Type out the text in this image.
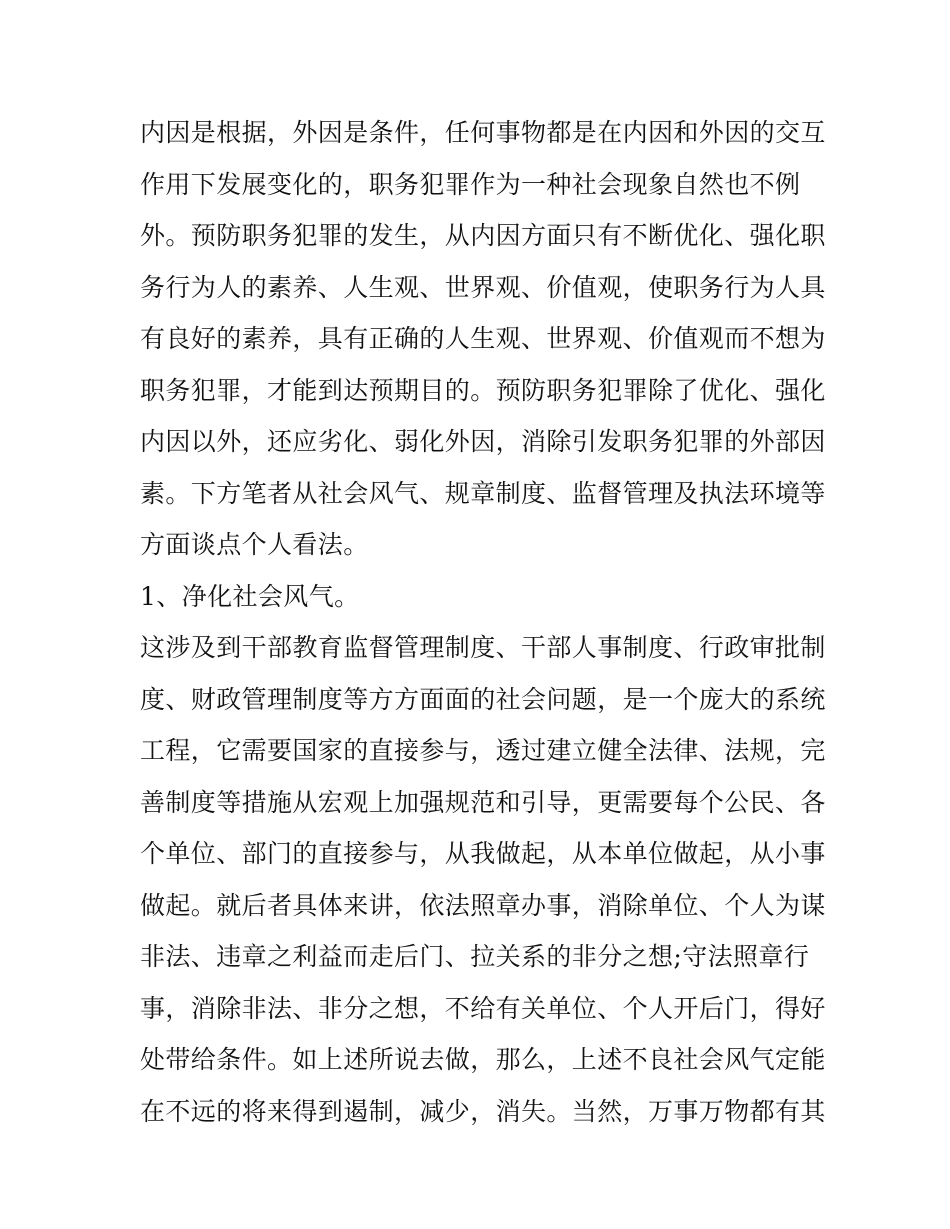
内因是根据，外因是条件，任何事物都是在内因和外因的交互
作用下发展变化的，职务犯罪作为一种社会现象自然也不例
外。预防职务犯罪的发生，从内因方面只有不断优化、强化职
务行为人的素养、人生观、世界观、价值观，使职务行为人具
有良好的素养，具有正确的人生观、世界观、价值观而不想为
职务犯罪，才能到达预期目的。预防职务犯罪除了优化、强化
内因以外，还应劣化、弱化外因，消除引发职务犯罪的外部因
素。下方笔者从社会风气、规章制度、监督管理及执法环境等
方面谈点个人看法。
1、净化社会风气。
这涉及到干部教育监督管理制度、干部人事制度、行政审批制
度、财政管理制度等方方面面的社会问题，是一个庞大的系统
工程，它需要国家的直接参与，透过建立健全法律、法规，完
善制度等措施从宏观上加强规范和引导，更需要每个公民、各
个单位、部门的直接参与，从我做起，从本单位做起，从小事
做起。就后者具体来讲，依法照章办事，消除单位、个人为谋
非法、违章之利益而走后门、拉关系的非分之想;守法照章行
事，消除非法、非分之想，不给有关单位、个人开后门，得好
处带给条件。如上述所说去做，那么，上述不良社会风气定能
在不远的将来得到遏制，减少，消失。当然，万事万物都有其
